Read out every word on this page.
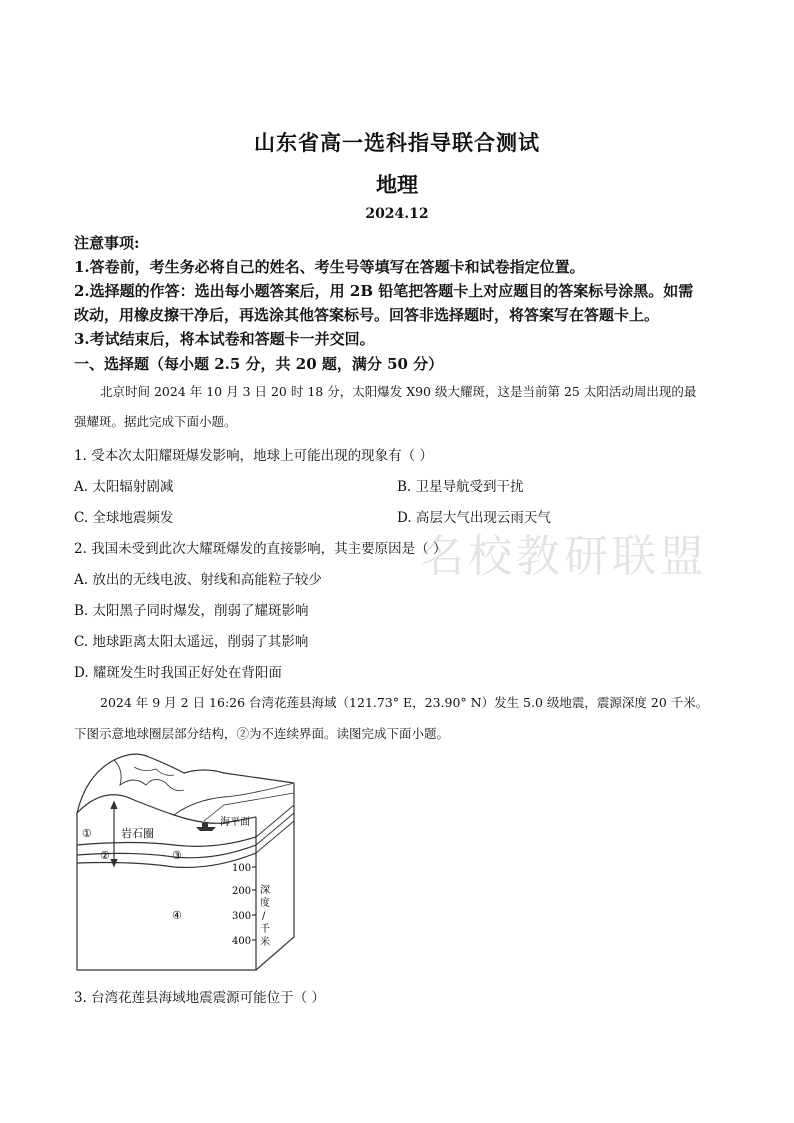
名校教研联盟
山东省高一选科指导联合测试
地理
2024.12
注意事项:
1.答卷前，考生务必将自己的姓名、考生号等填写在答题卡和试卷指定位置。
2.选择题的作答：选出每小题答案后，用 2B 铅笔把答题卡上对应题目的答案标号涂黑。如需
改动，用橡皮擦干净后，再选涂其他答案标号。回答非选择题时，将答案写在答题卡上。
3.考试结束后，将本试卷和答题卡一并交回。
一、选择题（每小题 2.5 分，共 20 题，满分 50 分）
北京时间 2024 年 10 月 3 日 20 时 18 分，太阳爆发 X90 级大耀斑，这是当前第 25 太阳活动周出现的最
强耀斑。据此完成下面小题。
1. 受本次太阳耀斑爆发影响，地球上可能出现的现象有（ ）
A. 太阳辐射剧减	B. 卫星导航受到干扰
C. 全球地震频发	D. 高层大气出现云雨天气
2. 我国未受到此次大耀斑爆发的直接影响，其主要原因是（ ）
A. 放出的无线电波、射线和高能粒子较少
B. 太阳黑子同时爆发，削弱了耀斑影响
C. 地球距离太阳太遥远，削弱了其影响
D. 耀斑发生时我国正好处在背阳面
2024 年 9 月 2 日 16:26 台湾花莲县海域（121.73° E，23.90° N）发生 5.0 级地震，震源深度 20 千米。
下图示意地球圈层部分结构，②为不连续界面。读图完成下面小题。
①	岩石圈
海平面
②	③
④
100
200
300
400
深
度
/
千
米
3. 台湾花莲县海域地震震源可能位于（ ）
